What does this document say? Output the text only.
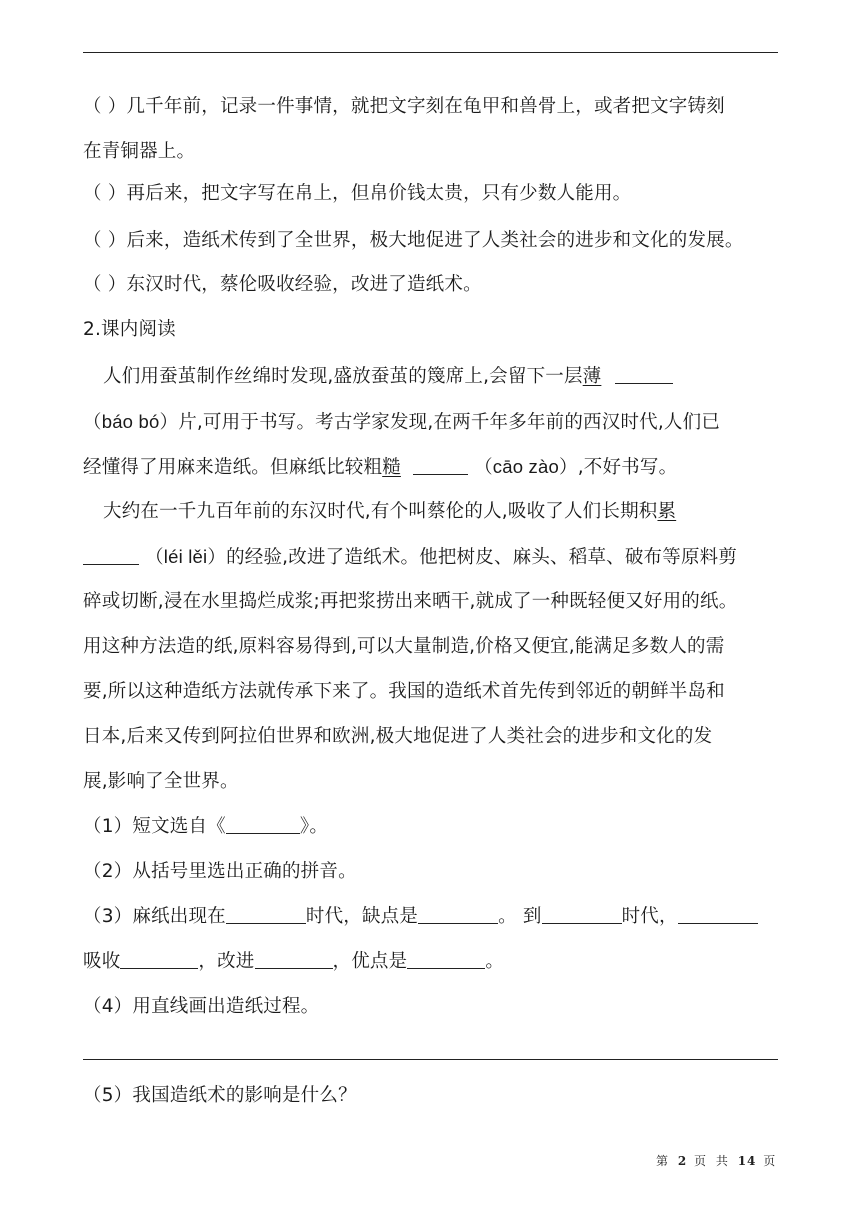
（ ）几千年前，记录一件事情，就把文字刻在龟甲和兽骨上，或者把文字铸刻
在青铜器上。
（ ）再后来，把文字写在帛上，但帛价钱太贵，只有少数人能用。
（ ）后来，造纸术传到了全世界，极大地促进了人类社会的进步和文化的发展。
（ ）东汉时代，蔡伦吸收经验，改进了造纸术。
2.课内阅读
人们用蚕茧制作丝绵时发现,盛放蚕茧的篾席上,会留下一层薄
（báo bó）片,可用于书写。考古学家发现,在两千年多年前的西汉时代,人们已
经懂得了用麻来造纸。但麻纸比较粗糙	（cāo zào）,不好书写。
大约在一千九百年前的东汉时代,有个叫蔡伦的人,吸收了人们长期积累
（léi lěi）的经验,改进了造纸术。他把树皮、麻头、稻草、破布等原料剪
碎或切断,浸在水里捣烂成浆;再把浆捞出来晒干,就成了一种既轻便又好用的纸。
用这种方法造的纸,原料容易得到,可以大量制造,价格又便宜,能满足多数人的需
要,所以这种造纸方法就传承下来了。我国的造纸术首先传到邻近的朝鲜半岛和
日本,后来又传到阿拉伯世界和欧洲,极大地促进了人类社会的进步和文化的发
展,影响了全世界。
（1）短文选自《	》。
（2）从括号里选出正确的拼音。
（3）麻纸出现在	时代，缺点是	。 到	时代，
吸收	，改进	，优点是	。
（4）用直线画出造纸过程。
（5）我国造纸术的影响是什么？
第 2 页 共 14 页
